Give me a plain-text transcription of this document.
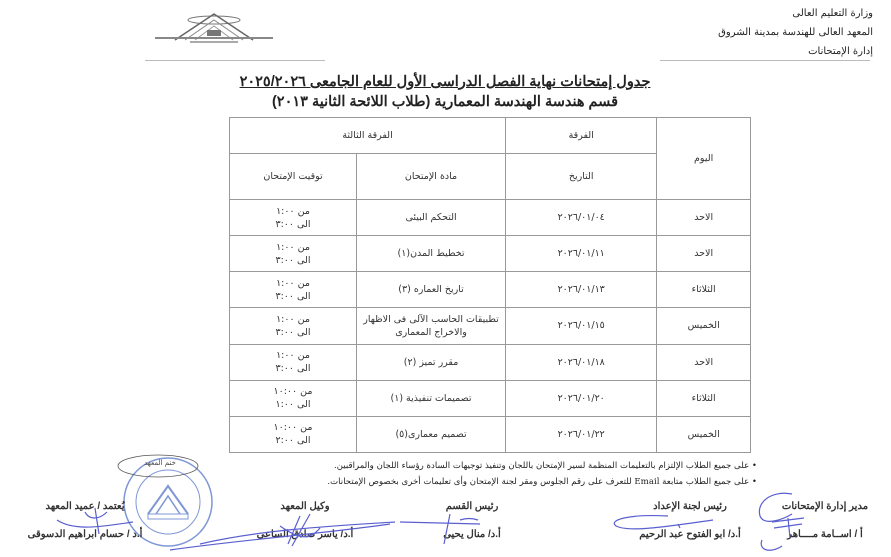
وزارة التعليم العالى
المعهد العالى للهندسة بمدينة الشروق
إدارة الإمتحانات
جدول إمتحانات نهاية الفصل الدراسى الأول للعام الجامعى ٢٠٢٥/٢٠٢٦
قسم هندسة الهندسة المعمارية (طلاب اللائحة الثانية ٢٠١٣)
اليوم	الفرقة	الفرقة الثالثة	
	التاريخ	مادة الإمتحان	توقيت الإمتحان
الاحد	٢٠٢٦/٠١/٠٤	التحكم البيئى	من ١:٠٠
الى ٣:٠٠

الاحد	٢٠٢٦/٠١/١١	تخطيط المدن(١)	من ١:٠٠
الى ٣:٠٠

الثلاثاء	٢٠٢٦/٠١/١٣	تاريخ العماره (٣)	من ١:٠٠
الى ٣:٠٠

الخميس	٢٠٢٦/٠١/١٥	تطبيقات الحاسب الآلى فى الاظهار والاخراج المعمارى	من ١:٠٠
الى ٣:٠٠

الاحد	٢٠٢٦/٠١/١٨	مقرر تميز (٢)	من ١:٠٠
الى ٣:٠٠

الثلاثاء	٢٠٢٦/٠١/٢٠	تصميمات تنفيذية (١)	من ١٠:٠٠
الى ١:٠٠

الخميس	٢٠٢٦/٠١/٢٢	تصميم معمارى(٥)	من ١٠:٠٠
الى ٢:٠٠
• على جميع الطلاب الإلتزام بالتعليمات المنظمة لسير الإمتحان باللجان وتنفيذ توجيهات السادة رؤساء اللجان والمراقبين.
• على جميع الطلاب متابعة Email للتعرف على رقم الجلوس ومقر لجنة الإمتحان وأى تعليمات أخرى بخصوص الإمتحانات.
ختم المعهد
مدير إدارة الإمتحانات
أ / اســامة مــــاهر
رئيس لجنة الإعداد
أ.د/ ابو الفتوح عبد الرحيم
رئيس القسم
أ.د/ منال يحيى
وكيل المعهد
أ.د/ ياسر صادق الساعى
يُعتمد / عميد المعهد
أ.د / حسام ابراهيم الدسوقى
